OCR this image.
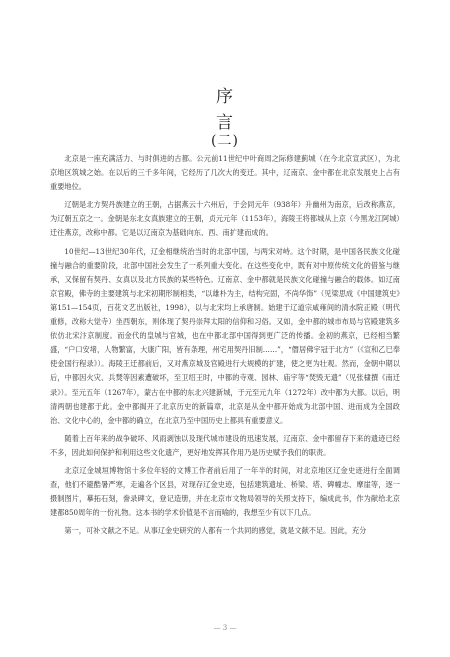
序
言
(二)

北京是一座充满活力、与时俱进的古都。公元前11世纪中叶商周之际修建蓟城（在今北京宣武区），为北京地区筑城之始。在以后的三千多年间，它经历了几次大的变迁。其中，辽南京、金中都在北京发展史上占有重要地位。

辽朝是北方契丹族建立的王朝，占据燕云十六州后，于会同元年（938年）升幽州为南京，后改称燕京，为辽朝五京之一。金朝是东北女真族建立的王朝，贞元元年（1153年），海陵王将都城从上京（今黑龙江阿城）迁往燕京，改称中都。它是以辽南京为基础向东、西、南扩建而成的。

10世纪—13世纪30年代，辽金相继统治当时的北部中国，与两宋对峙。这个时期，是中国各民族文化碰撞与融合的重要阶段，北部中国社会发生了一系列重大变化。在这些变化中，既有对中原传统文化的借鉴与继承，又保留有契丹、女真以及北方民族的某些特色。辽南京、金中都就是民族文化碰撞与融合的载体。如辽南京官殿，佛寺的主要建筑与北宋初期形制相类，“以雄朴为主，结构完固，不尚华饰”（见梁思成《中国建筑史》第151—154页，百花文艺出版社，1998），以与北宋均上承唐制。始建于辽道宗咸雍间的清水院正殿（明代重修，改称大觉寺）坐西朝东，则体现了契丹崇拜太阳的信仰和习俗。又如，金中都的城市布局与官殿建筑多依仿北宋汴京制度。而金代的皇城与官城，也在中都北部中国得到更广泛的传播。金初的燕京，已经相当繁盛，“户口安堵，人物繁富，大康广阳，皆有条理，州宅用契丹旧制……”，“僭居佛宇冠于北方”（《宣和乙巳奉使金国行程录》）。海陵王迁都前后，又对燕京城及官殿进行大规模的扩建，使之更为壮观。然而，金朝中期以后，中都因火灾、兵燹等因素遭破坏，至卫绍王时，中都的寺观、园林、庙宇等“焚毁无遗”（见张棣撰《南迁录》）。至元五年（1267年），蒙古在中都的东北兴建新城，于元至元九年（1272年）改中都为大都。以后，明清两朝也建都于此。金中都揭开了北京历史的新篇章，北京是从金中都开始成为北部中国、进而成为全国政治、文化中心的，金中都的确立，在北京乃至中国历史上都具有重要意义。

随着上百年来的战争破坏、风雨剥蚀以及现代城市建设的迅速发展，辽南京、金中都留存下来的遗迹已经不多，因此如何保护和利用这些文化遗产，更好地发挥其作用乃是历史赋予我们的职责。

北京辽金城垣博物馆十多位年轻的文博工作者前后用了一年半的时间，对北京地区辽金史迹进行全面调查，他们不避酷暑严寒，走遍各个区县，对现存辽金史迹，包括建筑遗址、桥梁、塔、碑幢志、摩崖等，逐一摄制图片，摹拓石刻，誊录碑文，登记造册，并在北京市文物局领导的关照支持下，编成此书，作为献给北京建都850周年的一份礼物。这本书的学术价值是不言而喻的，我想至少有以下几点。

第一，可补文献之不足。从事辽金史研究的人都有一个共同的感觉，就是文献不足。因此，充分

— 3 —
